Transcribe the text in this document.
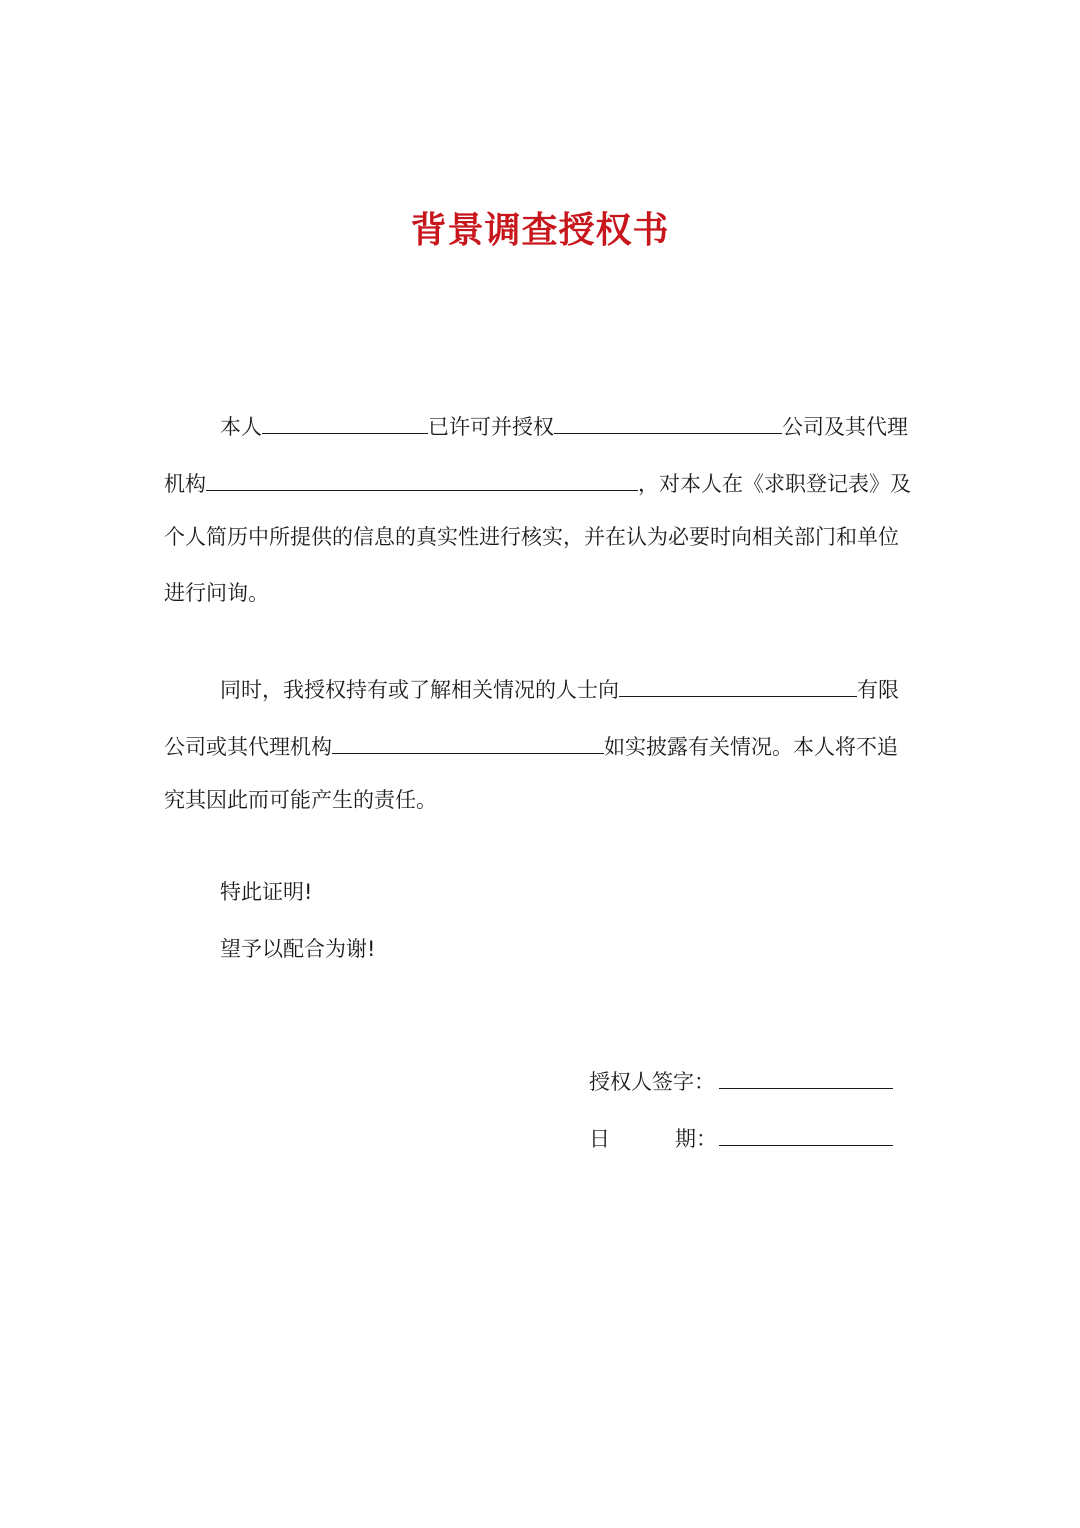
背景调查授权书
本人	已许可并授权	公司及其代理
机构	，对本人在《求职登记表》及
个人简历中所提供的信息的真实性进行核实，并在认为必要时向相关部门和单位
进行问询。
同时，我授权持有或了解相关情况的人士向	有限
公司或其代理机构	如实披露有关情况。本人将不追
究其因此而可能产生的责任。
特此证明!
望予以配合为谢!
授权人签字：
日	期：
